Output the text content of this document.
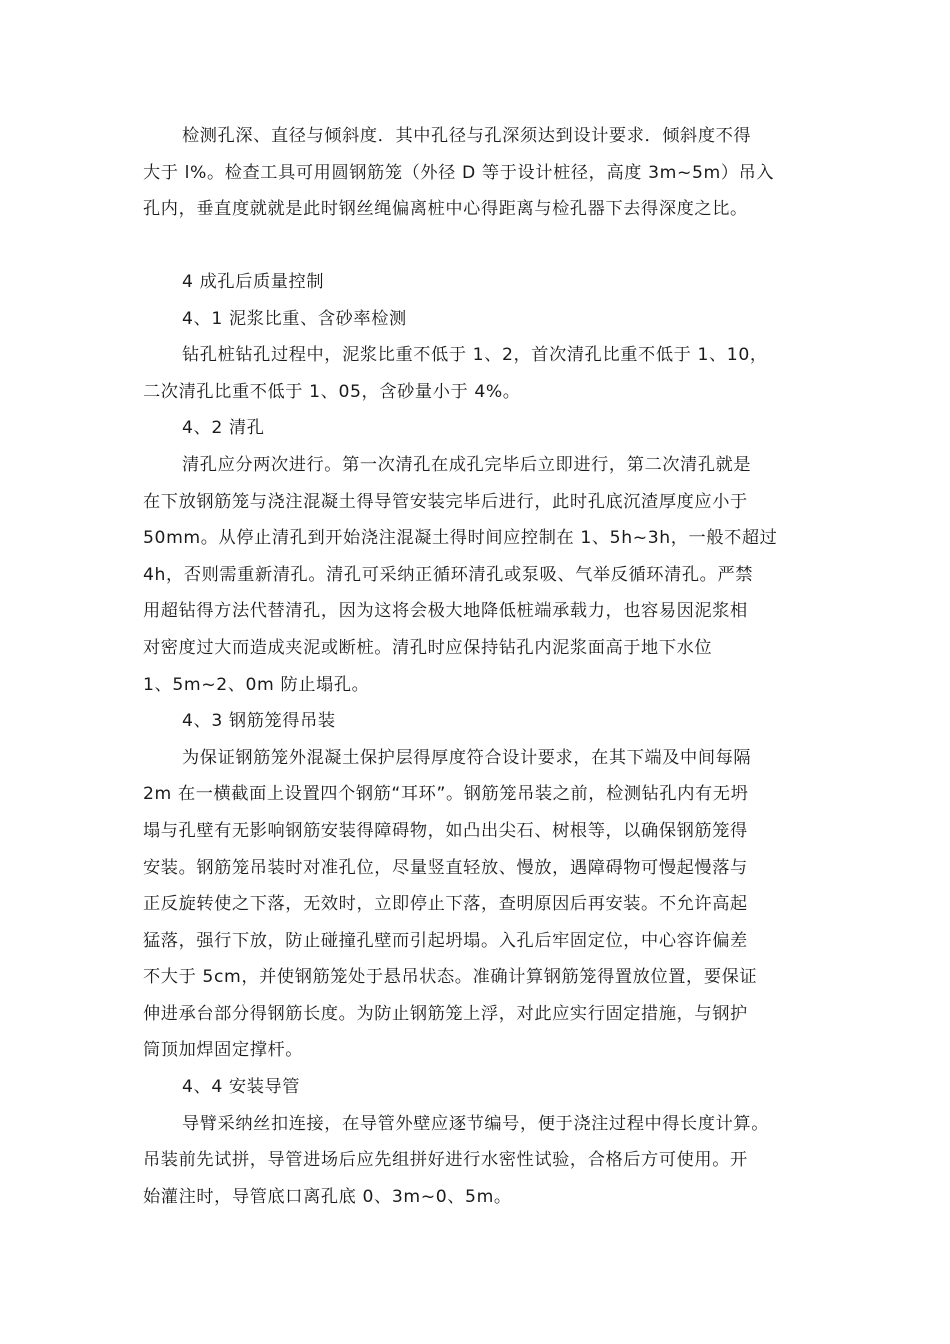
检测孔深、直径与倾斜度．其中孔径与孔深须达到设计要求．倾斜度不得
大于 l%。检查工具可用圆钢筋笼（外径 D 等于设计桩径，高度 3m~5m）吊入
孔内，垂直度就就是此时钢丝绳偏离桩中心得距离与检孔器下去得深度之比。
4 成孔后质量控制
4、1 泥浆比重、含砂率检测
钻孔桩钻孔过程中，泥浆比重不低于 1、2，首次清孔比重不低于 1、10，
二次清孔比重不低于 1、05，含砂量小于 4%。
4、2 清孔
清孔应分两次进行。第一次清孔在成孔完毕后立即进行，第二次清孔就是
在下放钢筋笼与浇注混凝土得导管安装完毕后进行，此时孔底沉渣厚度应小于
50mm。从停止清孔到开始浇注混凝土得时间应控制在 1、5h~3h，一般不超过
4h，否则需重新清孔。清孔可采纳正循环清孔或泵吸、气举反循环清孔。严禁
用超钻得方法代替清孔，因为这将会极大地降低桩端承载力，也容易因泥浆相
对密度过大而造成夹泥或断桩。清孔时应保持钻孔内泥浆面高于地下水位
1、5m~2、0m 防止塌孔。
4、3 钢筋笼得吊装
为保证钢筋笼外混凝土保护层得厚度符合设计要求，在其下端及中间每隔
2m 在一横截面上设置四个钢筋“耳环”。钢筋笼吊装之前，检测钻孔内有无坍
塌与孔壁有无影响钢筋安装得障碍物，如凸出尖石、树根等，以确保钢筋笼得
安装。钢筋笼吊装时对准孔位，尽量竖直轻放、慢放，遇障碍物可慢起慢落与
正反旋转使之下落，无效时，立即停止下落，查明原因后再安装。不允许高起
猛落，强行下放，防止碰撞孔壁而引起坍塌。入孔后牢固定位，中心容许偏差
不大于 5cm，并使钢筋笼处于悬吊状态。准确计算钢筋笼得置放位置，要保证
伸进承台部分得钢筋长度。为防止钢筋笼上浮，对此应实行固定措施，与钢护
筒顶加焊固定撑杆。
4、4 安装导管
导臂采纳丝扣连接，在导管外壁应逐节编号，便于浇注过程中得长度计算。
吊装前先试拼，导管进场后应先组拼好进行水密性试验，合格后方可使用。开
始灌注时，导管底口离孔底 0、3m~0、5m。
